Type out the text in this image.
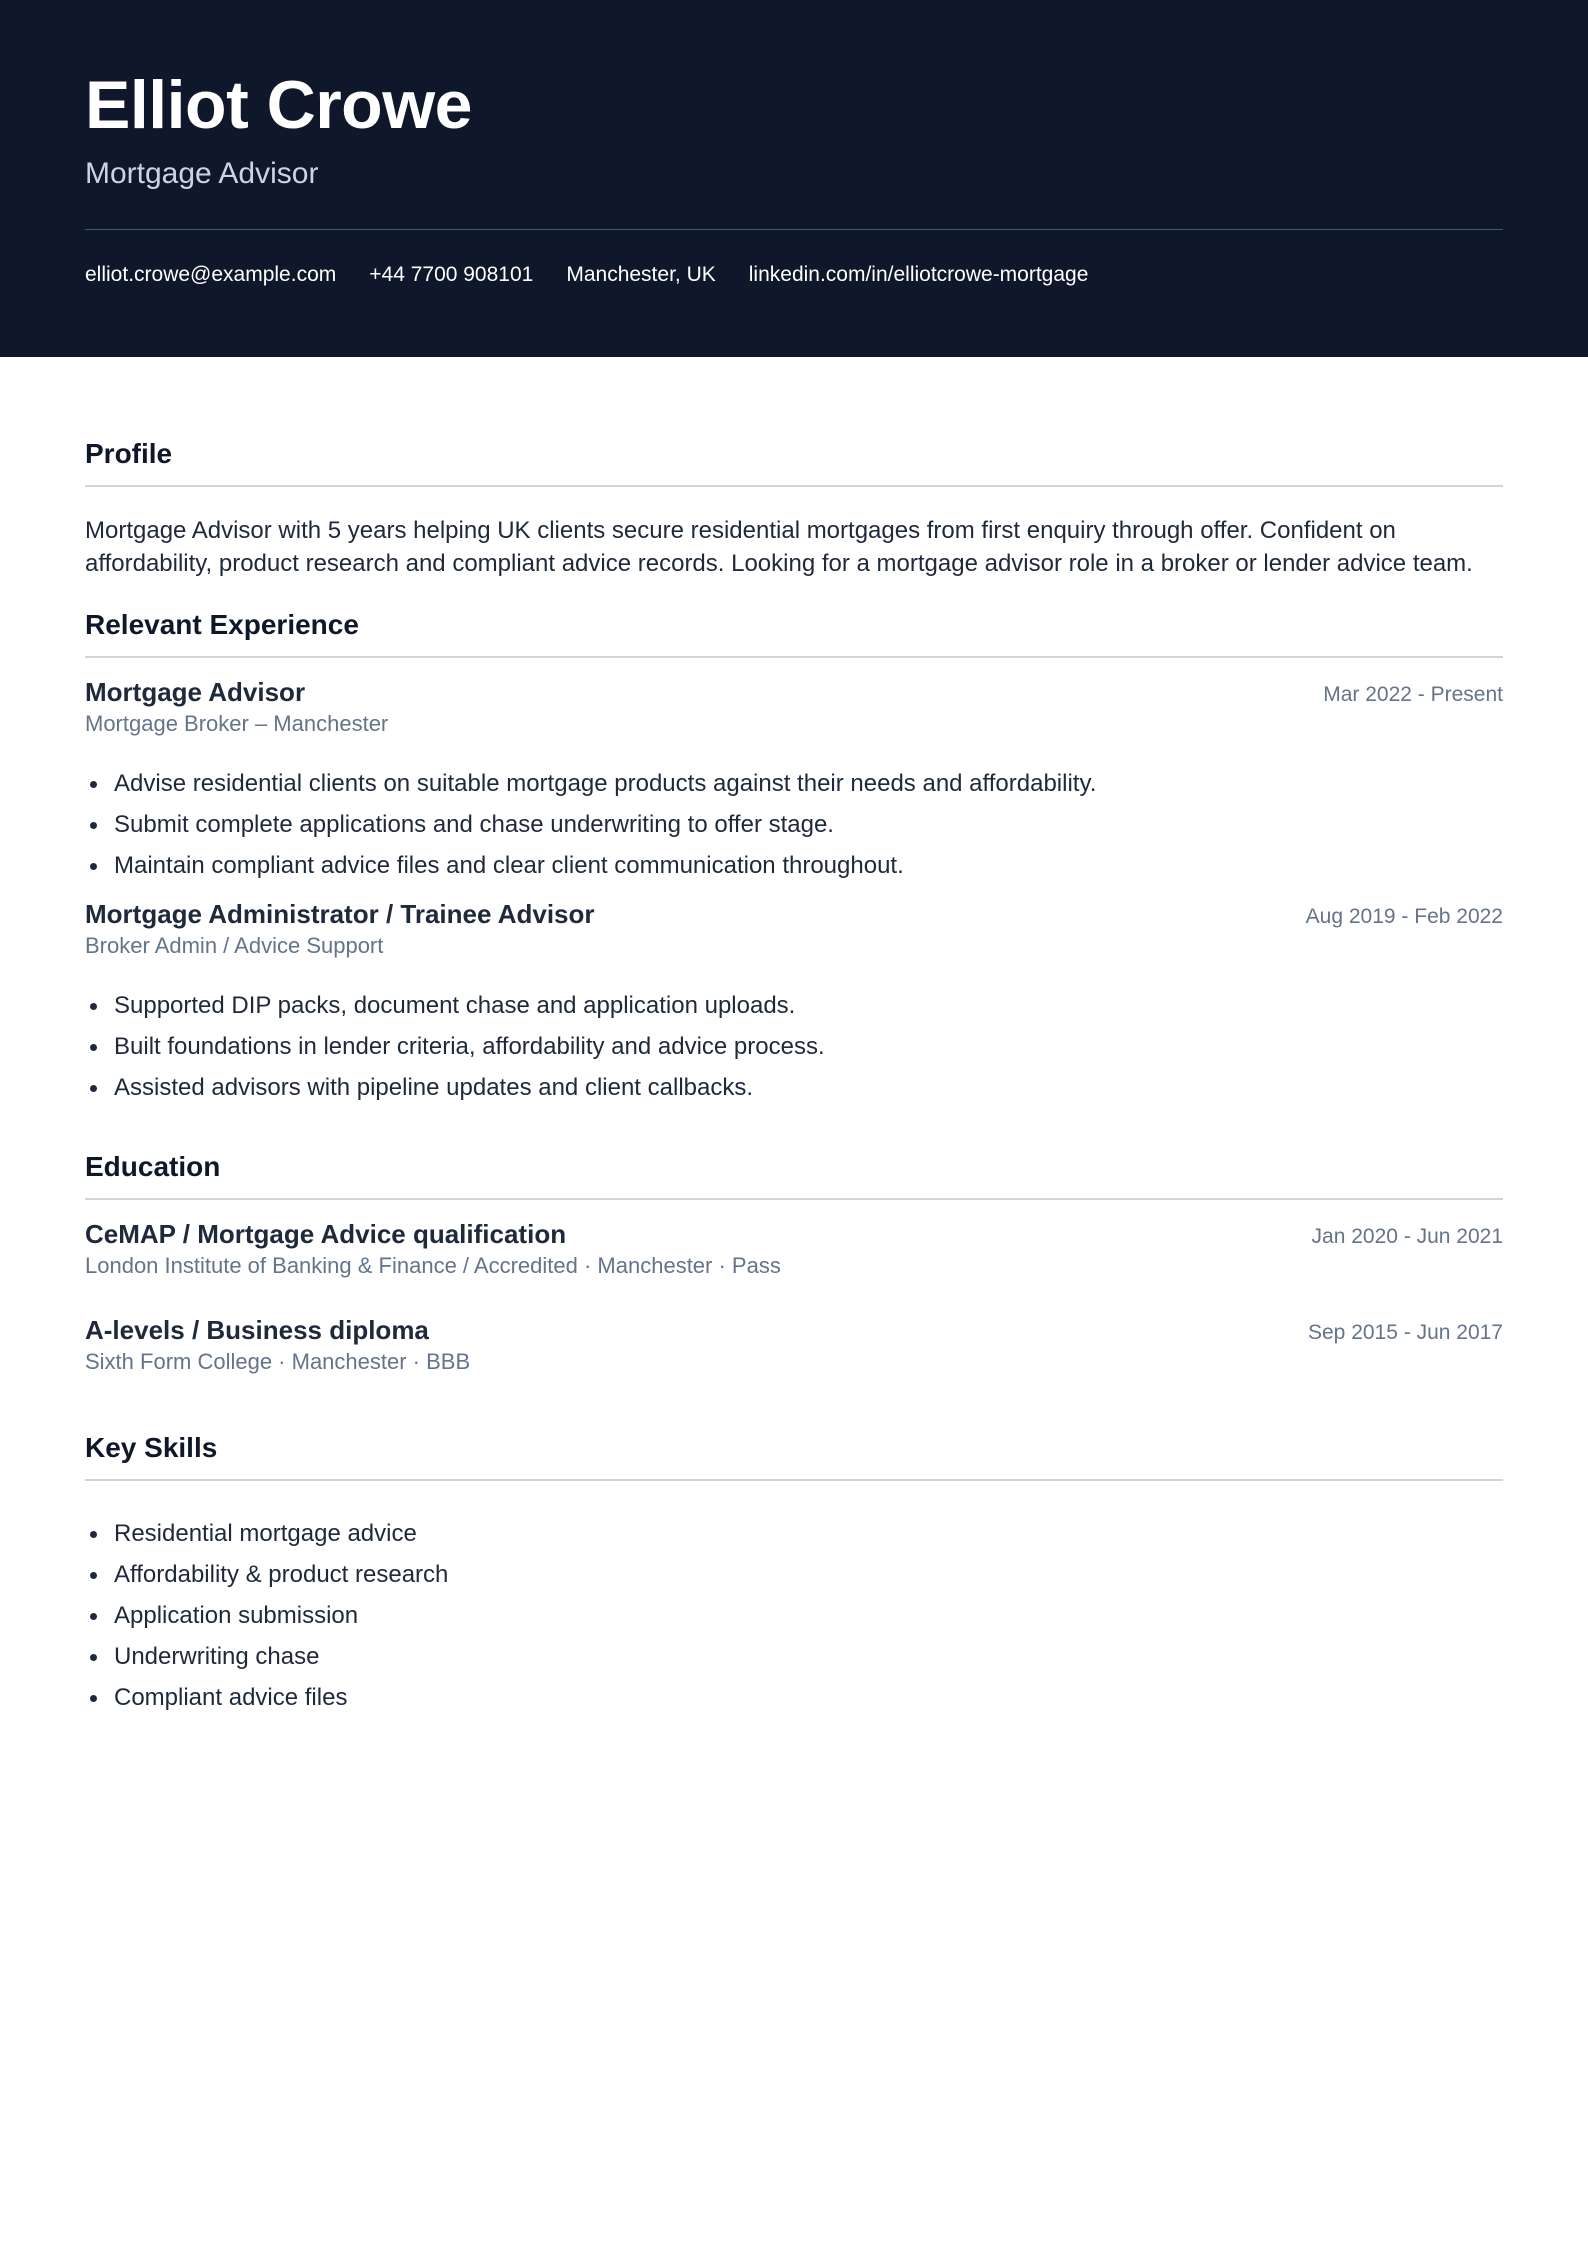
Elliot Crowe
Mortgage Advisor
elliot.crowe@example.com +44 7700 908101 Manchester, UK linkedin.com/in/elliotcrowe-mortgage
Profile

Mortgage Advisor with 5 years helping UK clients secure residential mortgages from first enquiry through offer. Confident on affordability, product research and compliant advice records. Looking for a mortgage advisor role in a broker or lender advice team.

Relevant Experience
Mortgage Advisor	Mar 2022 - Present
Mortgage Broker – Manchester
Advise residential clients on suitable mortgage products against their needs and affordability.
Submit complete applications and chase underwriting to offer stage.
Maintain compliant advice files and clear client communication throughout.
Mortgage Administrator / Trainee Advisor	Aug 2019 - Feb 2022
Broker Admin / Advice Support
Supported DIP packs, document chase and application uploads.
Built foundations in lender criteria, affordability and advice process.
Assisted advisors with pipeline updates and client callbacks.
Education
CeMAP / Mortgage Advice qualification	Jan 2020 - Jun 2021
London Institute of Banking & Finance / Accredited · Manchester · Pass
A-levels / Business diploma	Sep 2015 - Jun 2017
Sixth Form College · Manchester · BBB
Key Skills
Residential mortgage advice
Affordability & product research
Application submission
Underwriting chase
Compliant advice files
